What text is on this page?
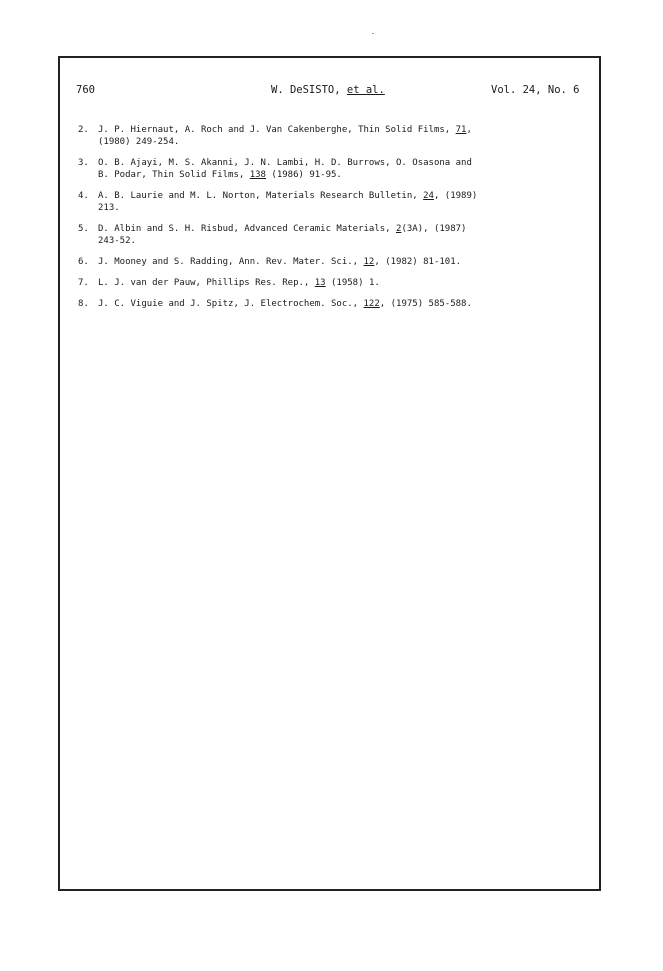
760	W. DeSISTO, et al.	Vol. 24, No. 6
2. J. P. Hiernaut, A. Roch and J. Van Cakenberghe, Thin Solid Films, 71,
(1980) 249-254.
3. O. B. Ajayi, M. S. Akanni, J. N. Lambi, H. D. Burrows, O. Osasona and
B. Podar, Thin Solid Films, 138 (1986) 91-95.
4. A. B. Laurie and M. L. Norton, Materials Research Bulletin, 24, (1989)
213.
5. D. Albin and S. H. Risbud, Advanced Ceramic Materials, 2(3A), (1987)
243-52.
6. J. Mooney and S. Radding, Ann. Rev. Mater. Sci., 12, (1982) 81-101.
7. L. J. van der Pauw, Phillips Res. Rep., 13 (1958) 1.
8. J. C. Viguie and J. Spitz, J. Electrochem. Soc., 122, (1975) 585-588.
